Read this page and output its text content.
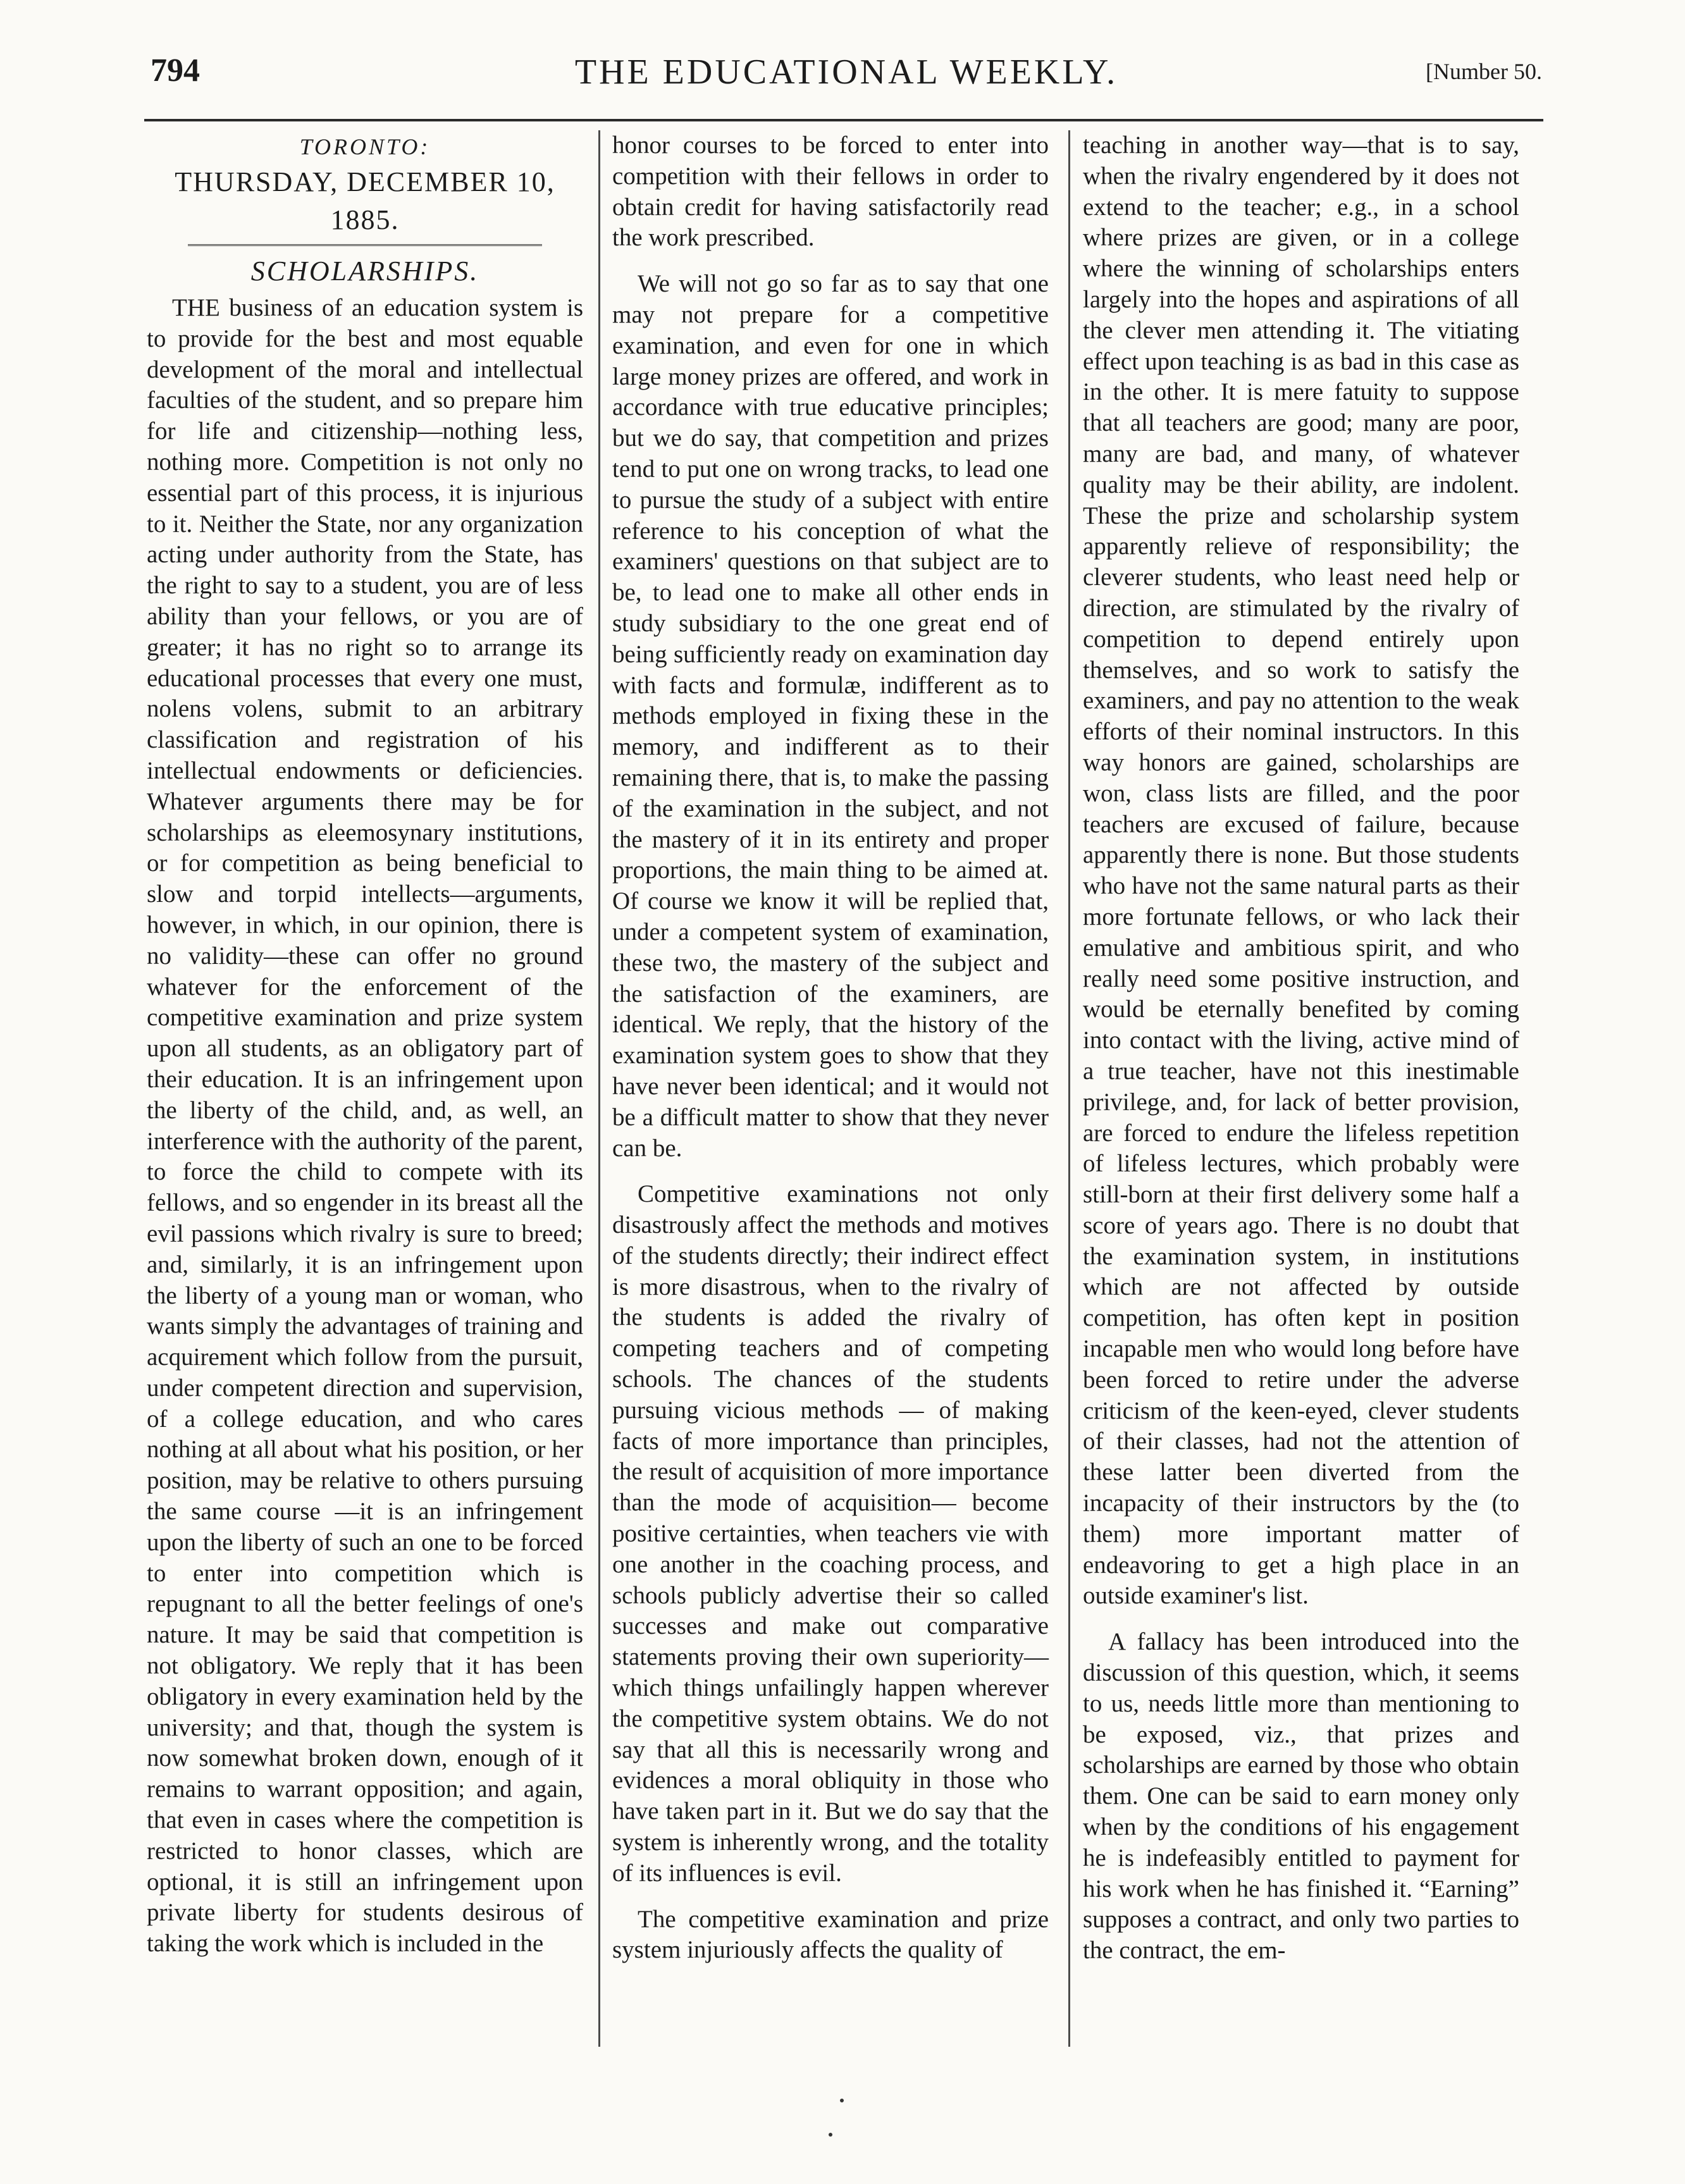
794	THE EDUCATIONAL WEEKLY.	[Number 50.
TORONTO:
THURSDAY, DECEMBER 10, 1885.
SCHOLARSHIPS.

THE business of an education system is to provide for the best and most equable development of the moral and intellectual faculties of the student, and so prepare him for life and citizenship—nothing less, nothing more. Competition is not only no essential part of this process, it is injurious to it. Neither the State, nor any organization acting under authority from the State, has the right to say to a student, you are of less ability than your fellows, or you are of greater; it has no right so to arrange its educational processes that every one must, nolens volens, submit to an arbitrary classification and registration of his intellectual endowments or deficiencies. Whatever arguments there may be for scholarships as eleemosynary institutions, or for competition as being beneficial to slow and torpid intellects—arguments, however, in which, in our opinion, there is no validity—these can offer no ground whatever for the enforcement of the competitive examination and prize system upon all students, as an obligatory part of their education. It is an infringement upon the liberty of the child, and, as well, an interference with the authority of the parent, to force the child to compete with its fellows, and so engender in its breast all the evil passions which rivalry is sure to breed; and, similarly, it is an infringement upon the liberty of a young man or woman, who wants simply the advantages of training and acquirement which follow from the pursuit, under competent direction and supervision, of a college education, and who cares nothing at all about what his position, or her position, may be relative to others pursuing the same course —it is an infringement upon the liberty of such an one to be forced to enter into competition which is repugnant to all the better feelings of one's nature. It may be said that competition is not obligatory. We reply that it has been obligatory in every examination held by the university; and that, though the system is now somewhat broken down, enough of it remains to warrant opposition; and again, that even in cases where the competition is restricted to honor classes, which are optional, it is still an infringement upon private liberty for students desirous of taking the work which is included in the

honor courses to be forced to enter into competition with their fellows in order to obtain credit for having satisfactorily read the work prescribed.

We will not go so far as to say that one may not prepare for a competitive examination, and even for one in which large money prizes are offered, and work in accordance with true educative principles; but we do say, that competition and prizes tend to put one on wrong tracks, to lead one to pursue the study of a subject with entire reference to his conception of what the examiners' questions on that subject are to be, to lead one to make all other ends in study subsidiary to the one great end of being sufficiently ready on examination day with facts and formulæ, indifferent as to methods employed in fixing these in the memory, and indifferent as to their remaining there, that is, to make the passing of the examination in the subject, and not the mastery of it in its entirety and proper proportions, the main thing to be aimed at. Of course we know it will be replied that, under a competent system of examination, these two, the mastery of the subject and the satisfaction of the examiners, are identical. We reply, that the history of the examination system goes to show that they have never been identical; and it would not be a difficult matter to show that they never can be.

Competitive examinations not only disastrously affect the methods and motives of the students directly; their indirect effect is more disastrous, when to the rivalry of the students is added the rivalry of competing teachers and of competing schools. The chances of the students pursuing vicious methods — of making facts of more importance than principles, the result of acquisition of more importance than the mode of acquisition— become positive certainties, when teachers vie with one another in the coaching process, and schools publicly advertise their so called successes and make out comparative statements proving their own superiority—which things unfailingly happen wherever the competitive system obtains. We do not say that all this is necessarily wrong and evidences a moral obliquity in those who have taken part in it. But we do say that the system is inherently wrong, and the totality of its influences is evil.

The competitive examination and prize system injuriously affects the quality of

teaching in another way—that is to say, when the rivalry engendered by it does not extend to the teacher; e.g., in a school where prizes are given, or in a college where the winning of scholarships enters largely into the hopes and aspirations of all the clever men attending it. The vitiating effect upon teaching is as bad in this case as in the other. It is mere fatuity to suppose that all teachers are good; many are poor, many are bad, and many, of whatever quality may be their ability, are indolent. These the prize and scholarship system apparently relieve of responsibility; the cleverer students, who least need help or direction, are stimulated by the rivalry of competition to depend entirely upon themselves, and so work to satisfy the examiners, and pay no attention to the weak efforts of their nominal instructors. In this way honors are gained, scholarships are won, class lists are filled, and the poor teachers are excused of failure, because apparently there is none. But those students who have not the same natural parts as their more fortunate fellows, or who lack their emulative and ambitious spirit, and who really need some positive instruction, and would be eternally benefited by coming into contact with the living, active mind of a true teacher, have not this inestimable privilege, and, for lack of better provision, are forced to endure the lifeless repetition of lifeless lectures, which probably were still-born at their first delivery some half a score of years ago. There is no doubt that the examination system, in institutions which are not affected by outside competition, has often kept in position incapable men who would long before have been forced to retire under the adverse criticism of the keen-eyed, clever students of their classes, had not the attention of these latter been diverted from the incapacity of their instructors by the (to them) more important matter of endeavoring to get a high place in an outside examiner's list.

A fallacy has been introduced into the discussion of this question, which, it seems to us, needs little more than mentioning to be exposed, viz., that prizes and scholarships are earned by those who obtain them. One can be said to earn money only when by the conditions of his engagement he is indefeasibly entitled to payment for his work when he has finished it. “Earning” supposes a contract, and only two parties to the contract, the em-
